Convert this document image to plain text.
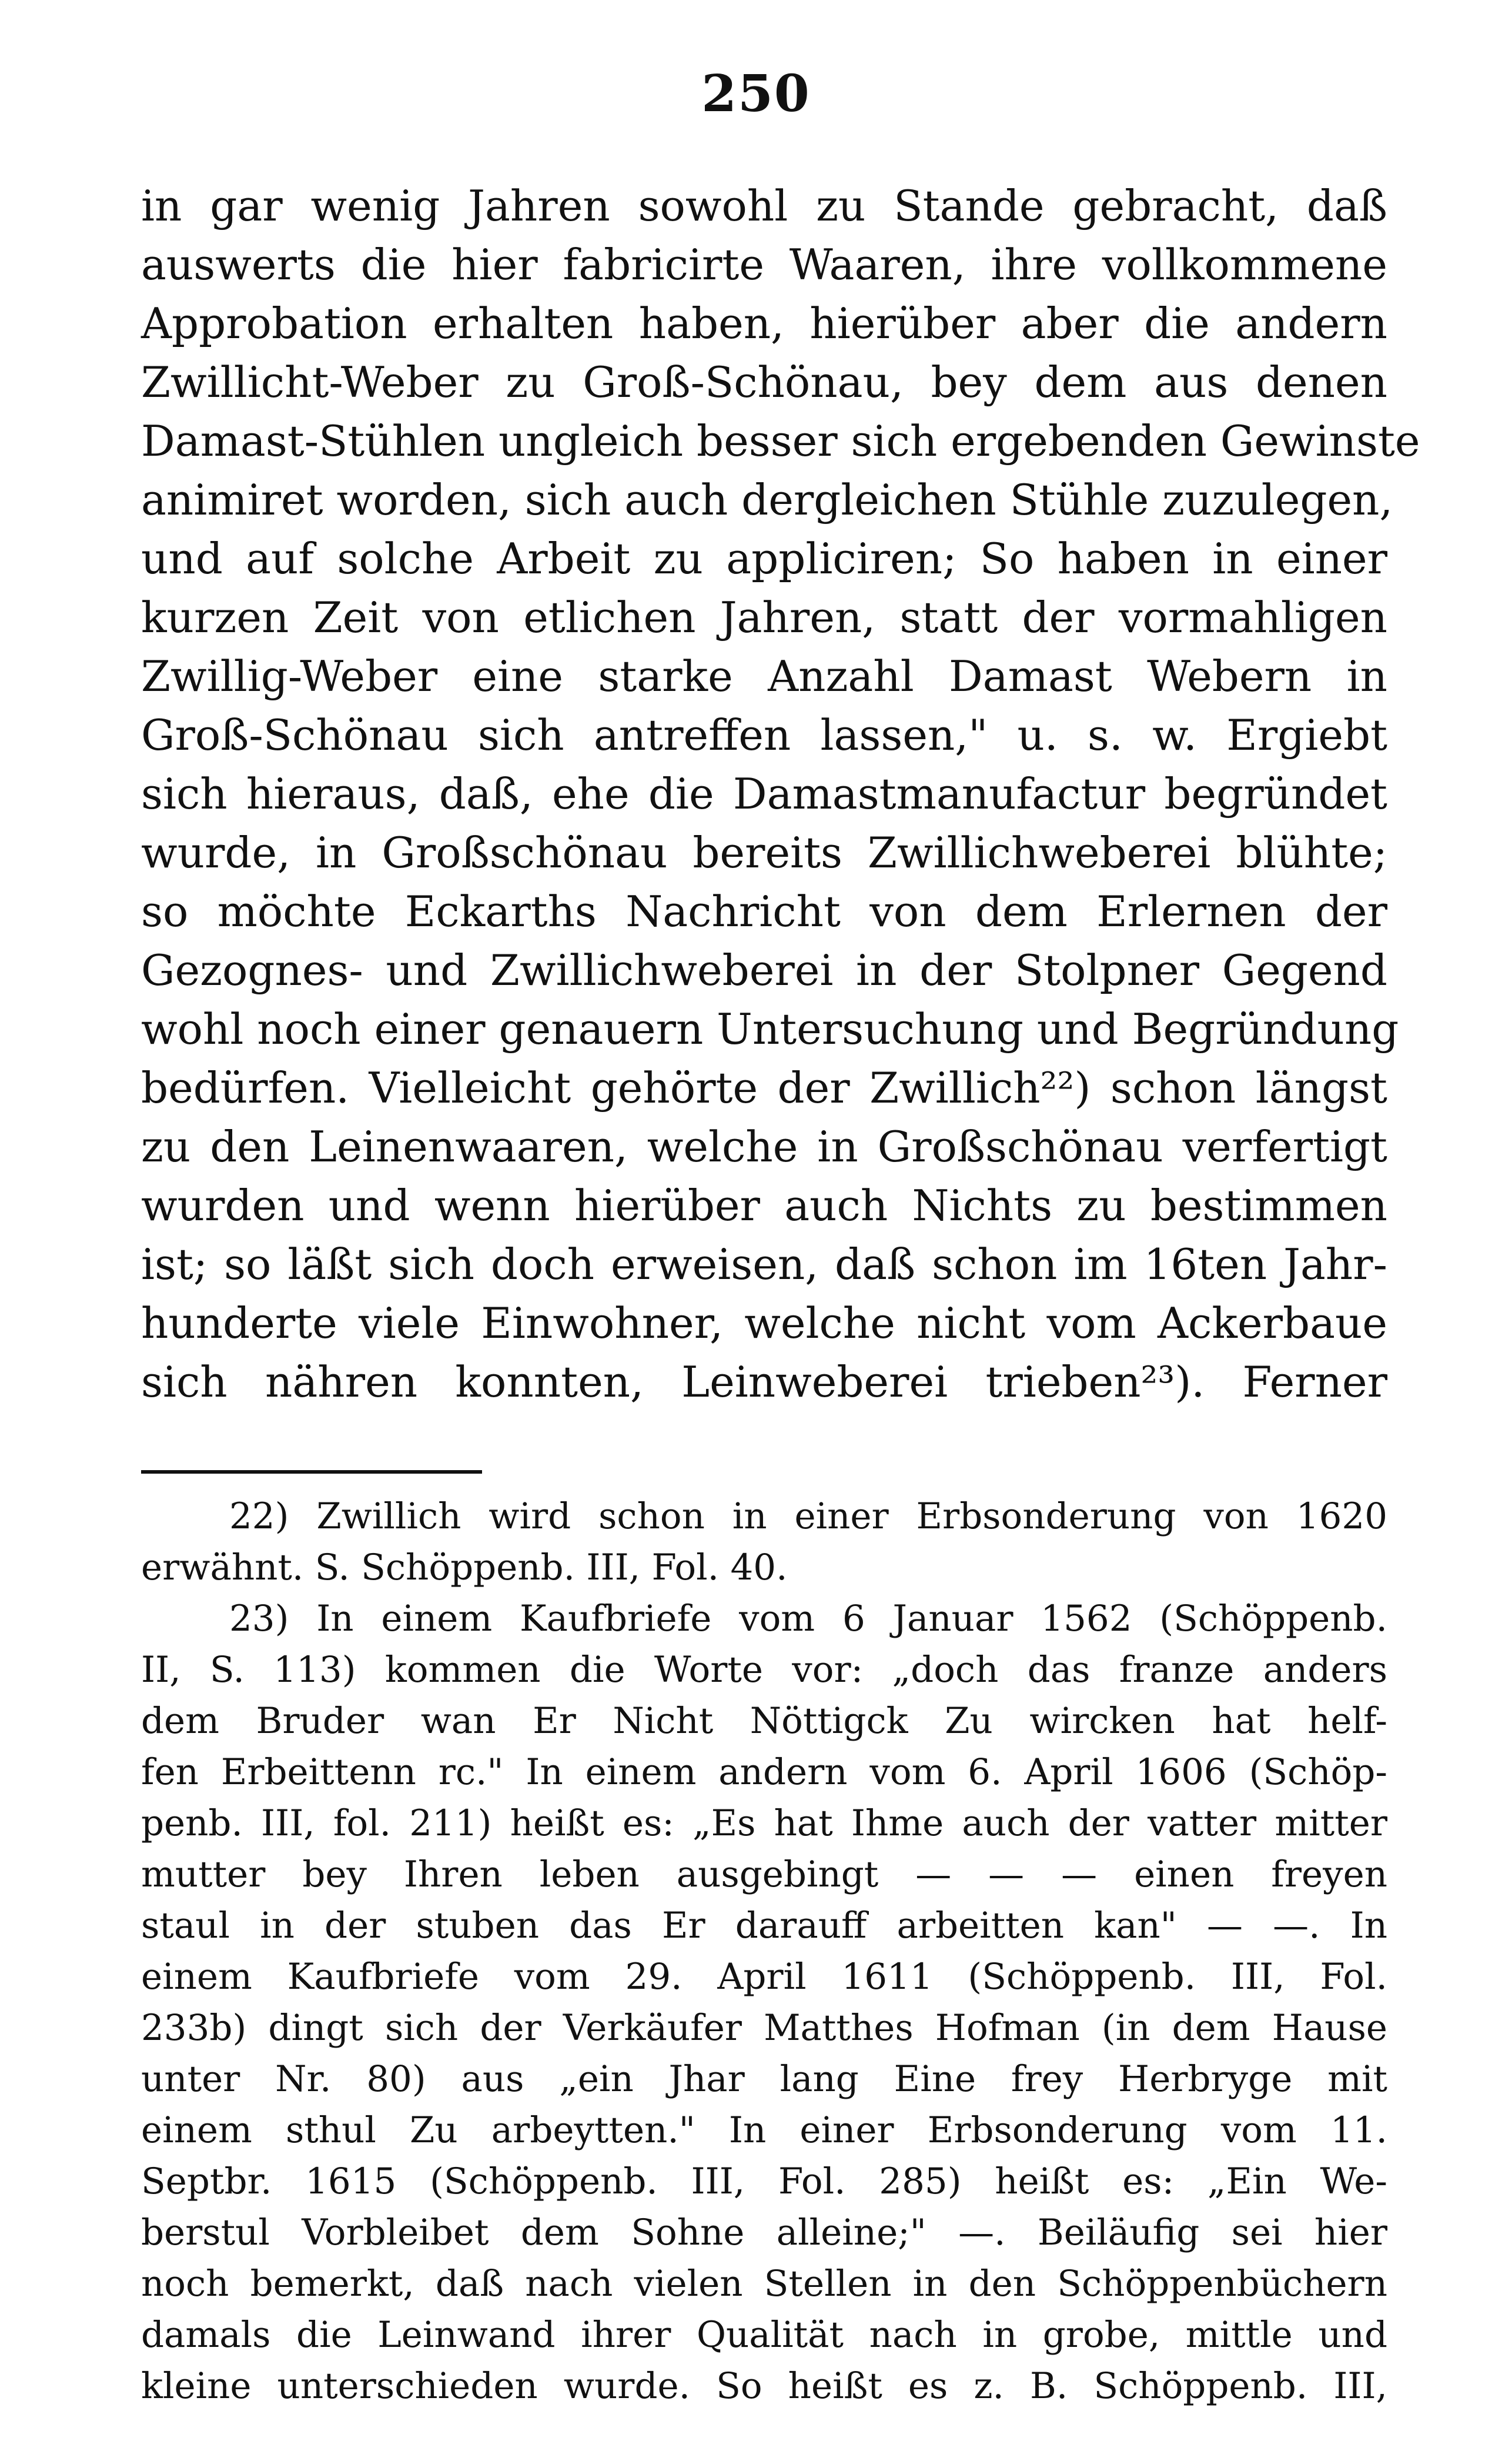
250
in gar wenig Jahren sowohl zu Stande gebracht, daß
auswerts die hier fabricirte Waaren, ihre vollkommene
Approbation erhalten haben, hierüber aber die andern
Zwillicht-Weber zu Groß-Schönau, bey dem aus denen
Damast-Stühlen ungleich besser sich ergebenden Gewinste
animiret worden, sich auch dergleichen Stühle zuzulegen,
und auf solche Arbeit zu appliciren; So haben in einer
kurzen Zeit von etlichen Jahren, statt der vormahligen
Zwillig-Weber eine starke Anzahl Damast Webern in
Groß-Schönau sich antreffen lassen," u. s. w. Ergiebt
sich hieraus, daß, ehe die Damastmanufactur begründet
wurde, in Großschönau bereits Zwillichweberei blühte;
so möchte Eckarths Nachricht von dem Erlernen der
Gezognes- und Zwillichweberei in der Stolpner Gegend
wohl noch einer genauern Untersuchung und Begründung
bedürfen. Vielleicht gehörte der Zwillich²²) schon längst
zu den Leinenwaaren, welche in Großschönau verfertigt
wurden und wenn hierüber auch Nichts zu bestimmen
ist; so läßt sich doch erweisen, daß schon im 16ten Jahr-
hunderte viele Einwohner, welche nicht vom Ackerbaue
sich nähren konnten, Leinweberei trieben²³). Ferner
22) Zwillich wird schon in einer Erbsonderung von 1620
erwähnt. S. Schöppenb. III, Fol. 40.
23) In einem Kaufbriefe vom 6 Januar 1562 (Schöppenb.
II, S. 113) kommen die Worte vor: „doch das franze anders
dem Bruder wan Er Nicht Nöttigck Zu wircken hat helf-
fen Erbeittenn rc." In einem andern vom 6. April 1606 (Schöp-
penb. III, fol. 211) heißt es: „Es hat Ihme auch der vatter mitter
mutter bey Ihren leben ausgebingt — — — einen freyen
staul in der stuben das Er darauff arbeitten kan" — —. In
einem Kaufbriefe vom 29. April 1611 (Schöppenb. III, Fol.
233b) dingt sich der Verkäufer Matthes Hofman (in dem Hause
unter Nr. 80) aus „ein Jhar lang Eine frey Herbryge mit
einem sthul Zu arbeytten." In einer Erbsonderung vom 11.
Septbr. 1615 (Schöppenb. III, Fol. 285) heißt es: „Ein We-
berstul Vorbleibet dem Sohne alleine;" —. Beiläufig sei hier
noch bemerkt, daß nach vielen Stellen in den Schöppenbüchern
damals die Leinwand ihrer Qualität nach in grobe, mittle und
kleine unterschieden wurde. So heißt es z. B. Schöppenb. III,
